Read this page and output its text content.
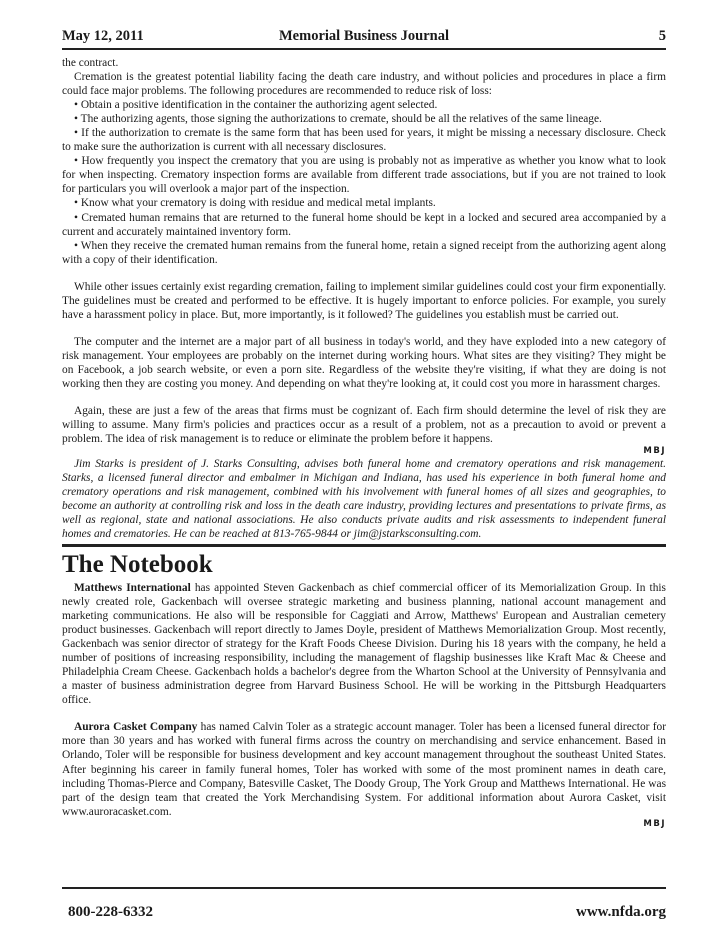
May 12, 2011	Memorial Business Journal	5

the contract.

Cremation is the greatest potential liability facing the death care industry, and without policies and procedures in place a firm could face major problems. The following procedures are recommended to reduce risk of loss:

• Obtain a positive identification in the container the authorizing agent selected.

• The authorizing agents, those signing the authorizations to cremate, should be all the relatives of the same lineage.

• If the authorization to cremate is the same form that has been used for years, it might be missing a necessary disclosure. Check to make sure the authorization is current with all necessary disclosures.

• How frequently you inspect the crematory that you are using is probably not as imperative as whether you know what to look for when inspecting. Crematory inspection forms are available from different trade associations, but if you are not trained to look for particulars you will overlook a major part of the inspection.

• Know what your crematory is doing with residue and medical metal implants.

• Cremated human remains that are returned to the funeral home should be kept in a locked and secured area accompanied by a current and accurately maintained inventory form.

• When they receive the cremated human remains from the funeral home, retain a signed receipt from the authorizing agent along with a copy of their identification.

While other issues certainly exist regarding cremation, failing to implement similar guidelines could cost your firm exponentially. The guidelines must be created and performed to be effective. It is hugely important to enforce policies. For example, you surely have a harassment policy in place. But, more importantly, is it followed? The guidelines you establish must be carried out.

The computer and the internet are a major part of all business in today's world, and they have exploded into a new category of risk management. Your employees are probably on the internet during working hours. What sites are they visiting? They might be on Facebook, a job search website, or even a porn site. Regardless of the website they're visiting, if what they are doing is not working then they are costing you money. And depending on what they're looking at, it could cost you more in harassment charges.

Again, these are just a few of the areas that firms must be cognizant of. Each firm should determine the level of risk they are willing to assume. Many firm's policies and practices occur as a result of a problem, not as a precaution to avoid or prevent a problem. The idea of risk management is to reduce or eliminate the problem before it happens.

MBJ

Jim Starks is president of J. Starks Consulting, advises both funeral home and crematory operations and risk management. Starks, a licensed funeral director and embalmer in Michigan and Indiana, has used his experience in both funeral home and crematory operations and risk management, combined with his involvement with funeral homes of all sizes and geographies, to become an authority at controlling risk and loss in the death care industry, providing lectures and presentations to private firms, as well as regional, state and national associations. He also conducts private audits and risk assessments to independent funeral homes and crematories. He can be reached at 813-765-9844 or jim@jstarksconsulting.com.

The Notebook

Matthews International has appointed Steven Gackenbach as chief commercial officer of its Memorialization Group. In this newly created role, Gackenbach will oversee strategic marketing and business planning, national account management and marketing communications. He also will be responsible for Caggiati and Arrow, Matthews' European and Australian cemetery product businesses. Gackenbach will report directly to James Doyle, president of Matthews Memorialization Group. Most recently, Gackenbach was senior director of strategy for the Kraft Foods Cheese Division. During his 18 years with the company, he held a number of positions of increasing responsibility, including the management of flagship businesses like Kraft Mac & Cheese and Philadelphia Cream Cheese. Gackenbach holds a bachelor's degree from the Wharton School at the University of Pennsylvania and a master of business administration degree from Harvard Business School. He will be working in the Pittsburgh Headquarters office.

Aurora Casket Company has named Calvin Toler as a strategic account manager. Toler has been a licensed funeral director for more than 30 years and has worked with funeral firms across the country on merchandising and service enhancement. Based in Orlando, Toler will be responsible for business development and key account management throughout the southeast United States. After beginning his career in family funeral homes, Toler has worked with some of the most prominent names in death care, including Thomas-Pierce and Company, Batesville Casket, The Doody Group, The York Group and Matthews International. He was part of the design team that created the York Merchandising System. For additional information about Aurora Casket, visit www.auroracasket.com.

MBJ

800-228-6332	www.nfda.org
